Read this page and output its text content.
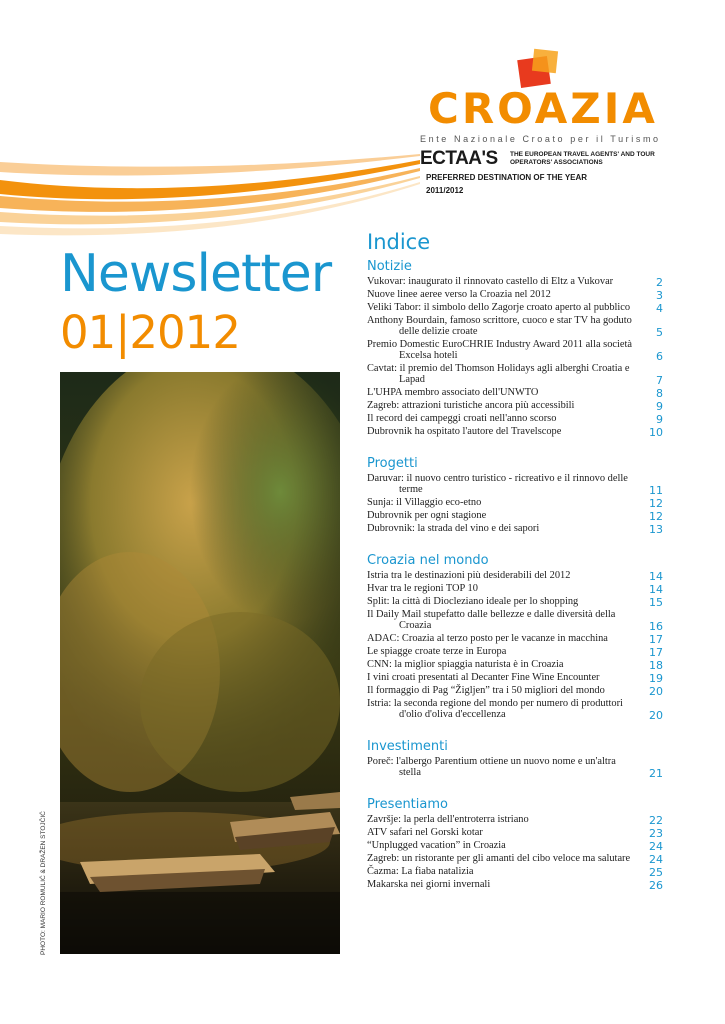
CROAZIA
Ente Nazionale Croato per il Turismo
ECTAA'S THE EUROPEAN TRAVEL AGENTS' AND TOUR OPERATORS' ASSOCIATIONS
PREFERRED DESTINATION OF THE YEAR
2011/2012
Newsletter
01|2012
PHOTO: MARIO ROMULIĆ & DRAŽEN STOJČIĆ
Indice
Notizie
Vukovar: inaugurato il rinnovato castello di Eltz a Vukovar	2
Nuove linee aeree verso la Croazia nel 2012	3
Veliki Tabor: il simbolo dello Zagorje croato aperto al pubblico	4
Anthony Bourdain, famoso scrittore, cuoco e star TV ha goduto delle delizie croate	5
Premio Domestic EuroCHRIE Industry Award 2011 alla società Excelsa hoteli	6
Cavtat: il premio del Thomson Holidays agli alberghi Croatia e Lapad	7
L'UHPA membro associato dell'UNWTO	8
Zagreb: attrazioni turistiche ancora più accessibili	9
Il record dei campeggi croati nell'anno scorso	9
Dubrovnik ha ospitato l'autore del Travelscope	10
Progetti
Daruvar: il nuovo centro turistico - ricreativo e il rinnovo delle terme	11
Sunja: il Villaggio eco-etno	12
Dubrovnik per ogni stagione	12
Dubrovnik: la strada del vino e dei sapori	13
Croazia nel mondo
Istria tra le destinazioni più desiderabili del 2012	14
Hvar tra le regioni TOP 10	14
Split: la città di Diocleziano ideale per lo shopping	15
Il Daily Mail stupefatto dalle bellezze e dalle diversità della Croazia	16
ADAC: Croazia al terzo posto per le vacanze in macchina	17
Le spiagge croate terze in Europa	17
CNN: la miglior spiaggia naturista è in Croazia	18
I vini croati presentati al Decanter Fine Wine Encounter	19
Il formaggio di Pag “Žigljen” tra i 50 migliori del mondo	20
Istria: la seconda regione del mondo per numero di produttori d'olio d'oliva d'eccellenza	20
Investimenti
Poreč: l'albergo Parentium ottiene un nuovo nome e un'altra stella	21
Presentiamo
Završje: la perla dell'entroterra istriano	22
ATV safari nel Gorski kotar	23
“Unplugged vacation” in Croazia	24
Zagreb: un ristorante per gli amanti del cibo veloce ma salutare	24
Čazma: La fiaba natalizia	25
Makarska nei giorni invernali	26
